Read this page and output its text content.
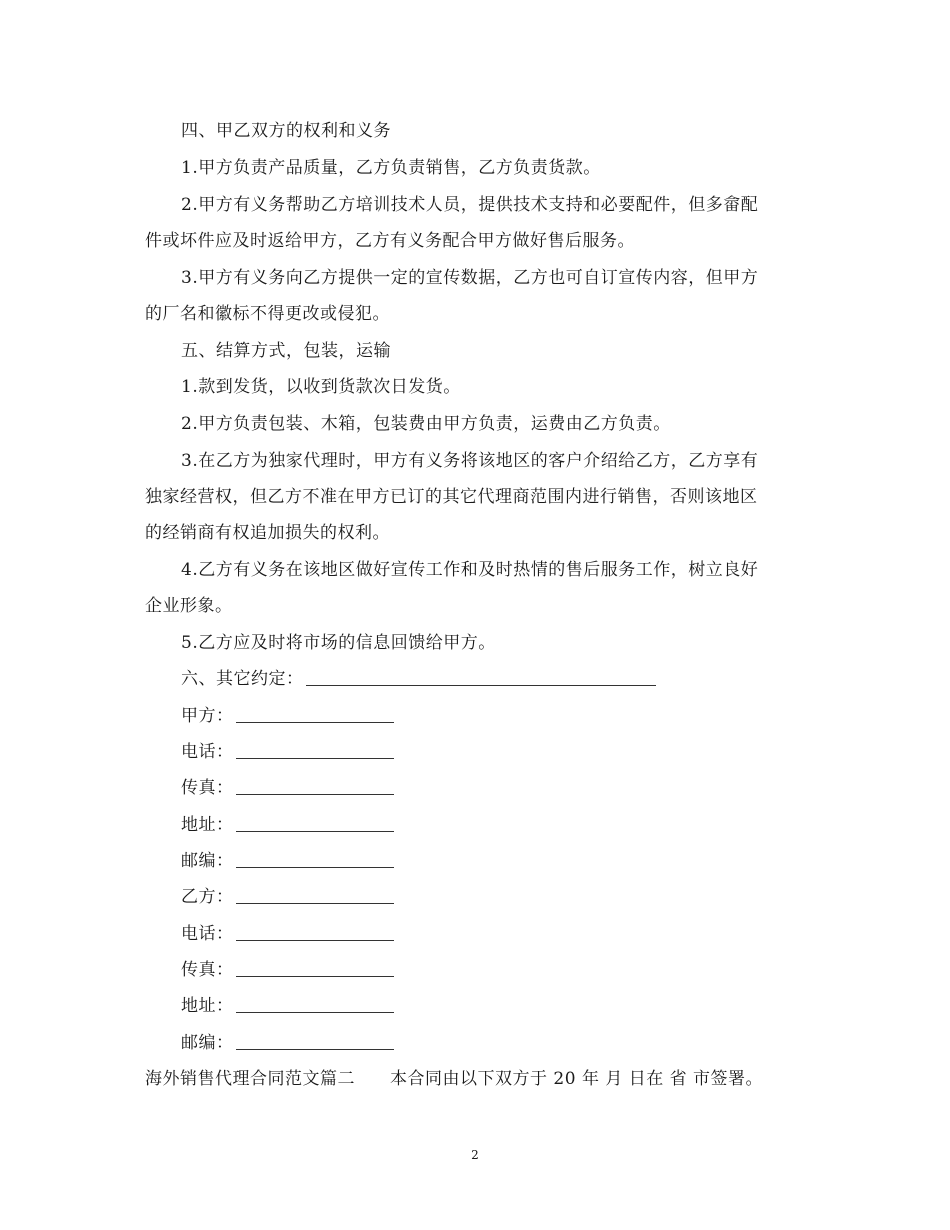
四、甲乙双方的权利和义务
1.甲方负责产品质量，乙方负责销售，乙方负责货款。
2.甲方有义务帮助乙方培训技术人员，提供技术支持和必要配件，但多畲配
件或坏件应及时返给甲方，乙方有义务配合甲方做好售后服务。
3.甲方有义务向乙方提供一定的宣传数据，乙方也可自订宣传内容，但甲方
的厂名和徽标不得更改或侵犯。
五、结算方式，包装，运输
1.款到发货，以收到货款次日发货。
2.甲方负责包装、木箱，包装费由甲方负责，运费由乙方负责。
3.在乙方为独家代理时，甲方有义务将该地区的客户介绍给乙方，乙方享有
独家经营权，但乙方不准在甲方已订的其它代理商范围内进行销售，否则该地区
的经销商有权追加损失的权利。
4.乙方有义务在该地区做好宣传工作和及时热情的售后服务工作，树立良好
企业形象。
5.乙方应及时将市场的信息回馈给甲方。
六、其它约定：
甲方：
电话：
传真：
地址：
邮编：
乙方：
电话：
传真：
地址：
邮编：
海外销售代理合同范文篇二　　本合同由以下双方于 20 年 月 日在 省 市签署。
2
